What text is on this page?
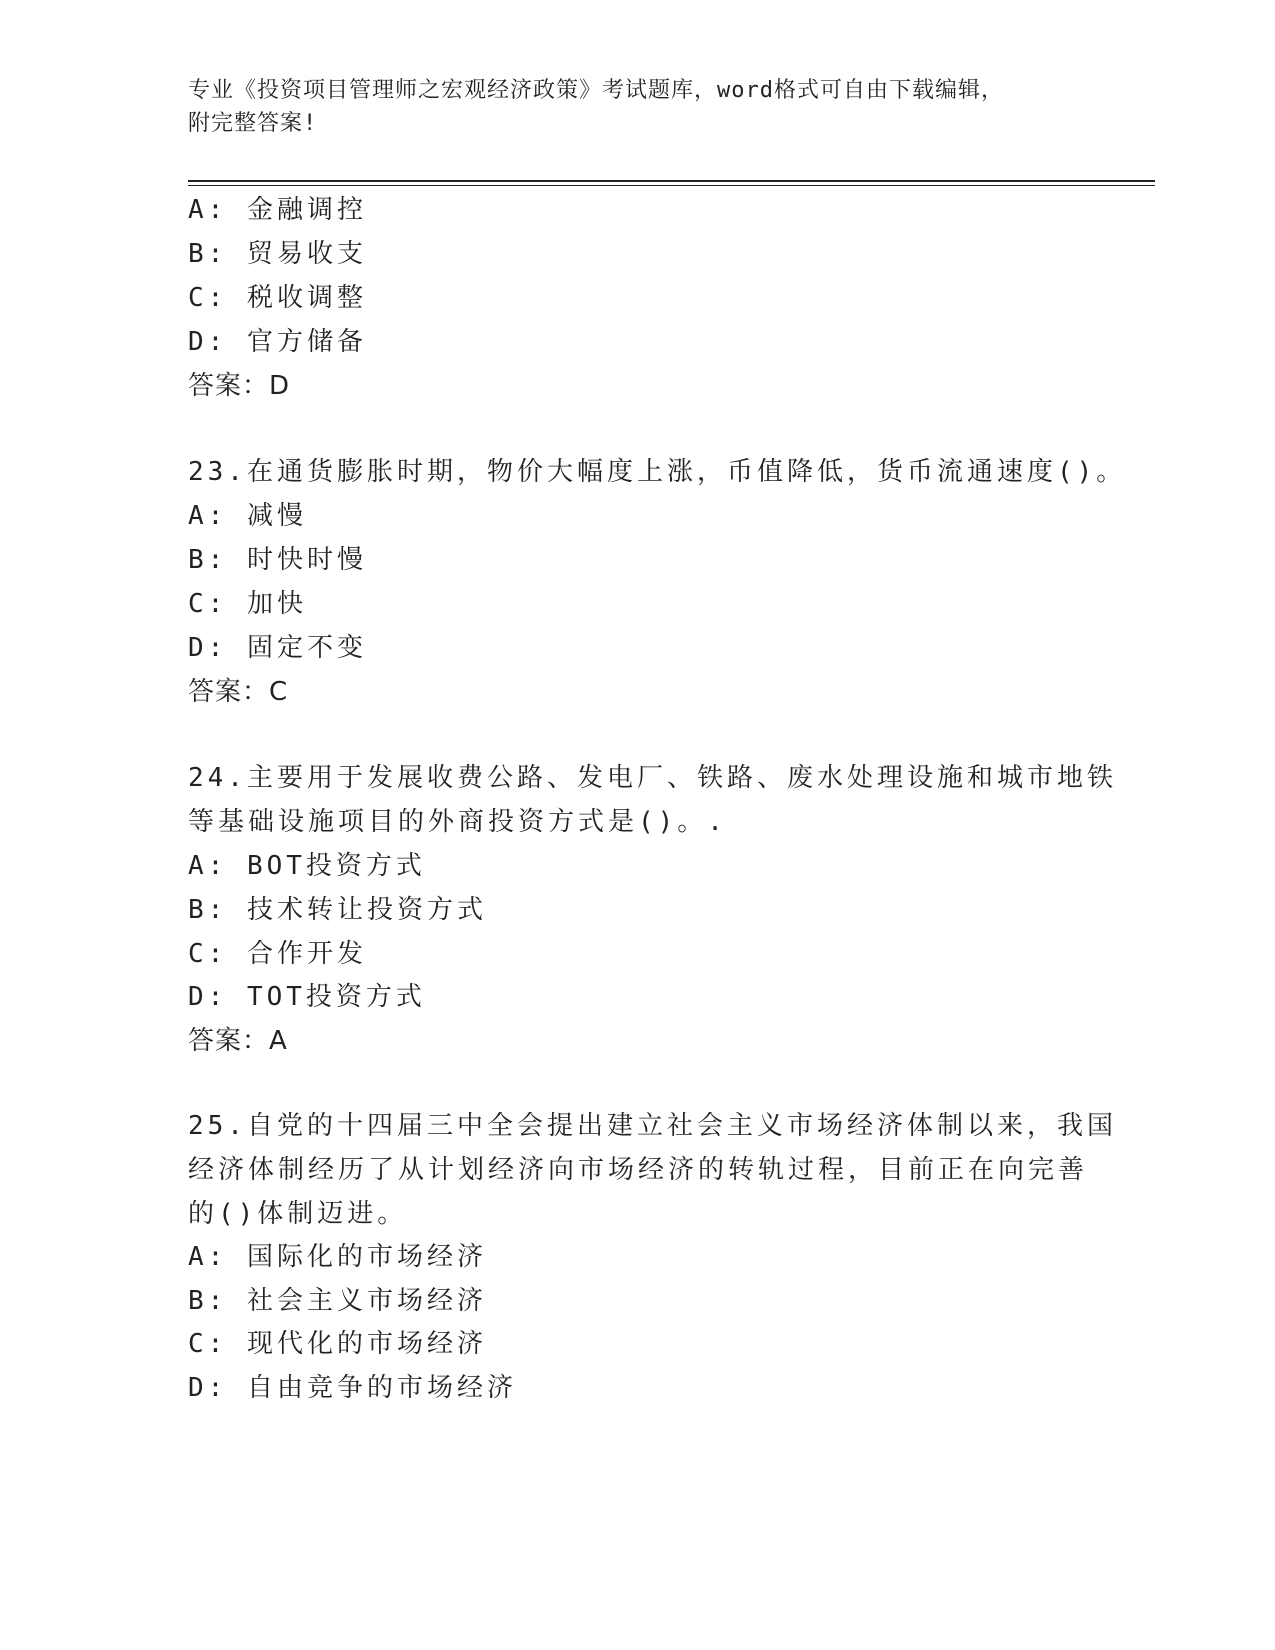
专业《投资项目管理师之宏观经济政策》考试题库，word格式可自由下载编辑，
附完整答案!
A: 金融调控
B: 贸易收支
C: 税收调整
D: 官方储备
答案：D
23.在通货膨胀时期，物价大幅度上涨，币值降低，货币流通速度()。
A: 减慢
B: 时快时慢
C: 加快
D: 固定不变
答案：C
24.主要用于发展收费公路、发电厂、铁路、废水处理设施和城市地铁
等基础设施项目的外商投资方式是()。.
A: BOT投资方式
B: 技术转让投资方式
C: 合作开发
D: TOT投资方式
答案：A
25.自党的十四届三中全会提出建立社会主义市场经济体制以来，我国
经济体制经历了从计划经济向市场经济的转轨过程，目前正在向完善
的()体制迈进。
A: 国际化的市场经济
B: 社会主义市场经济
C: 现代化的市场经济
D: 自由竞争的市场经济
